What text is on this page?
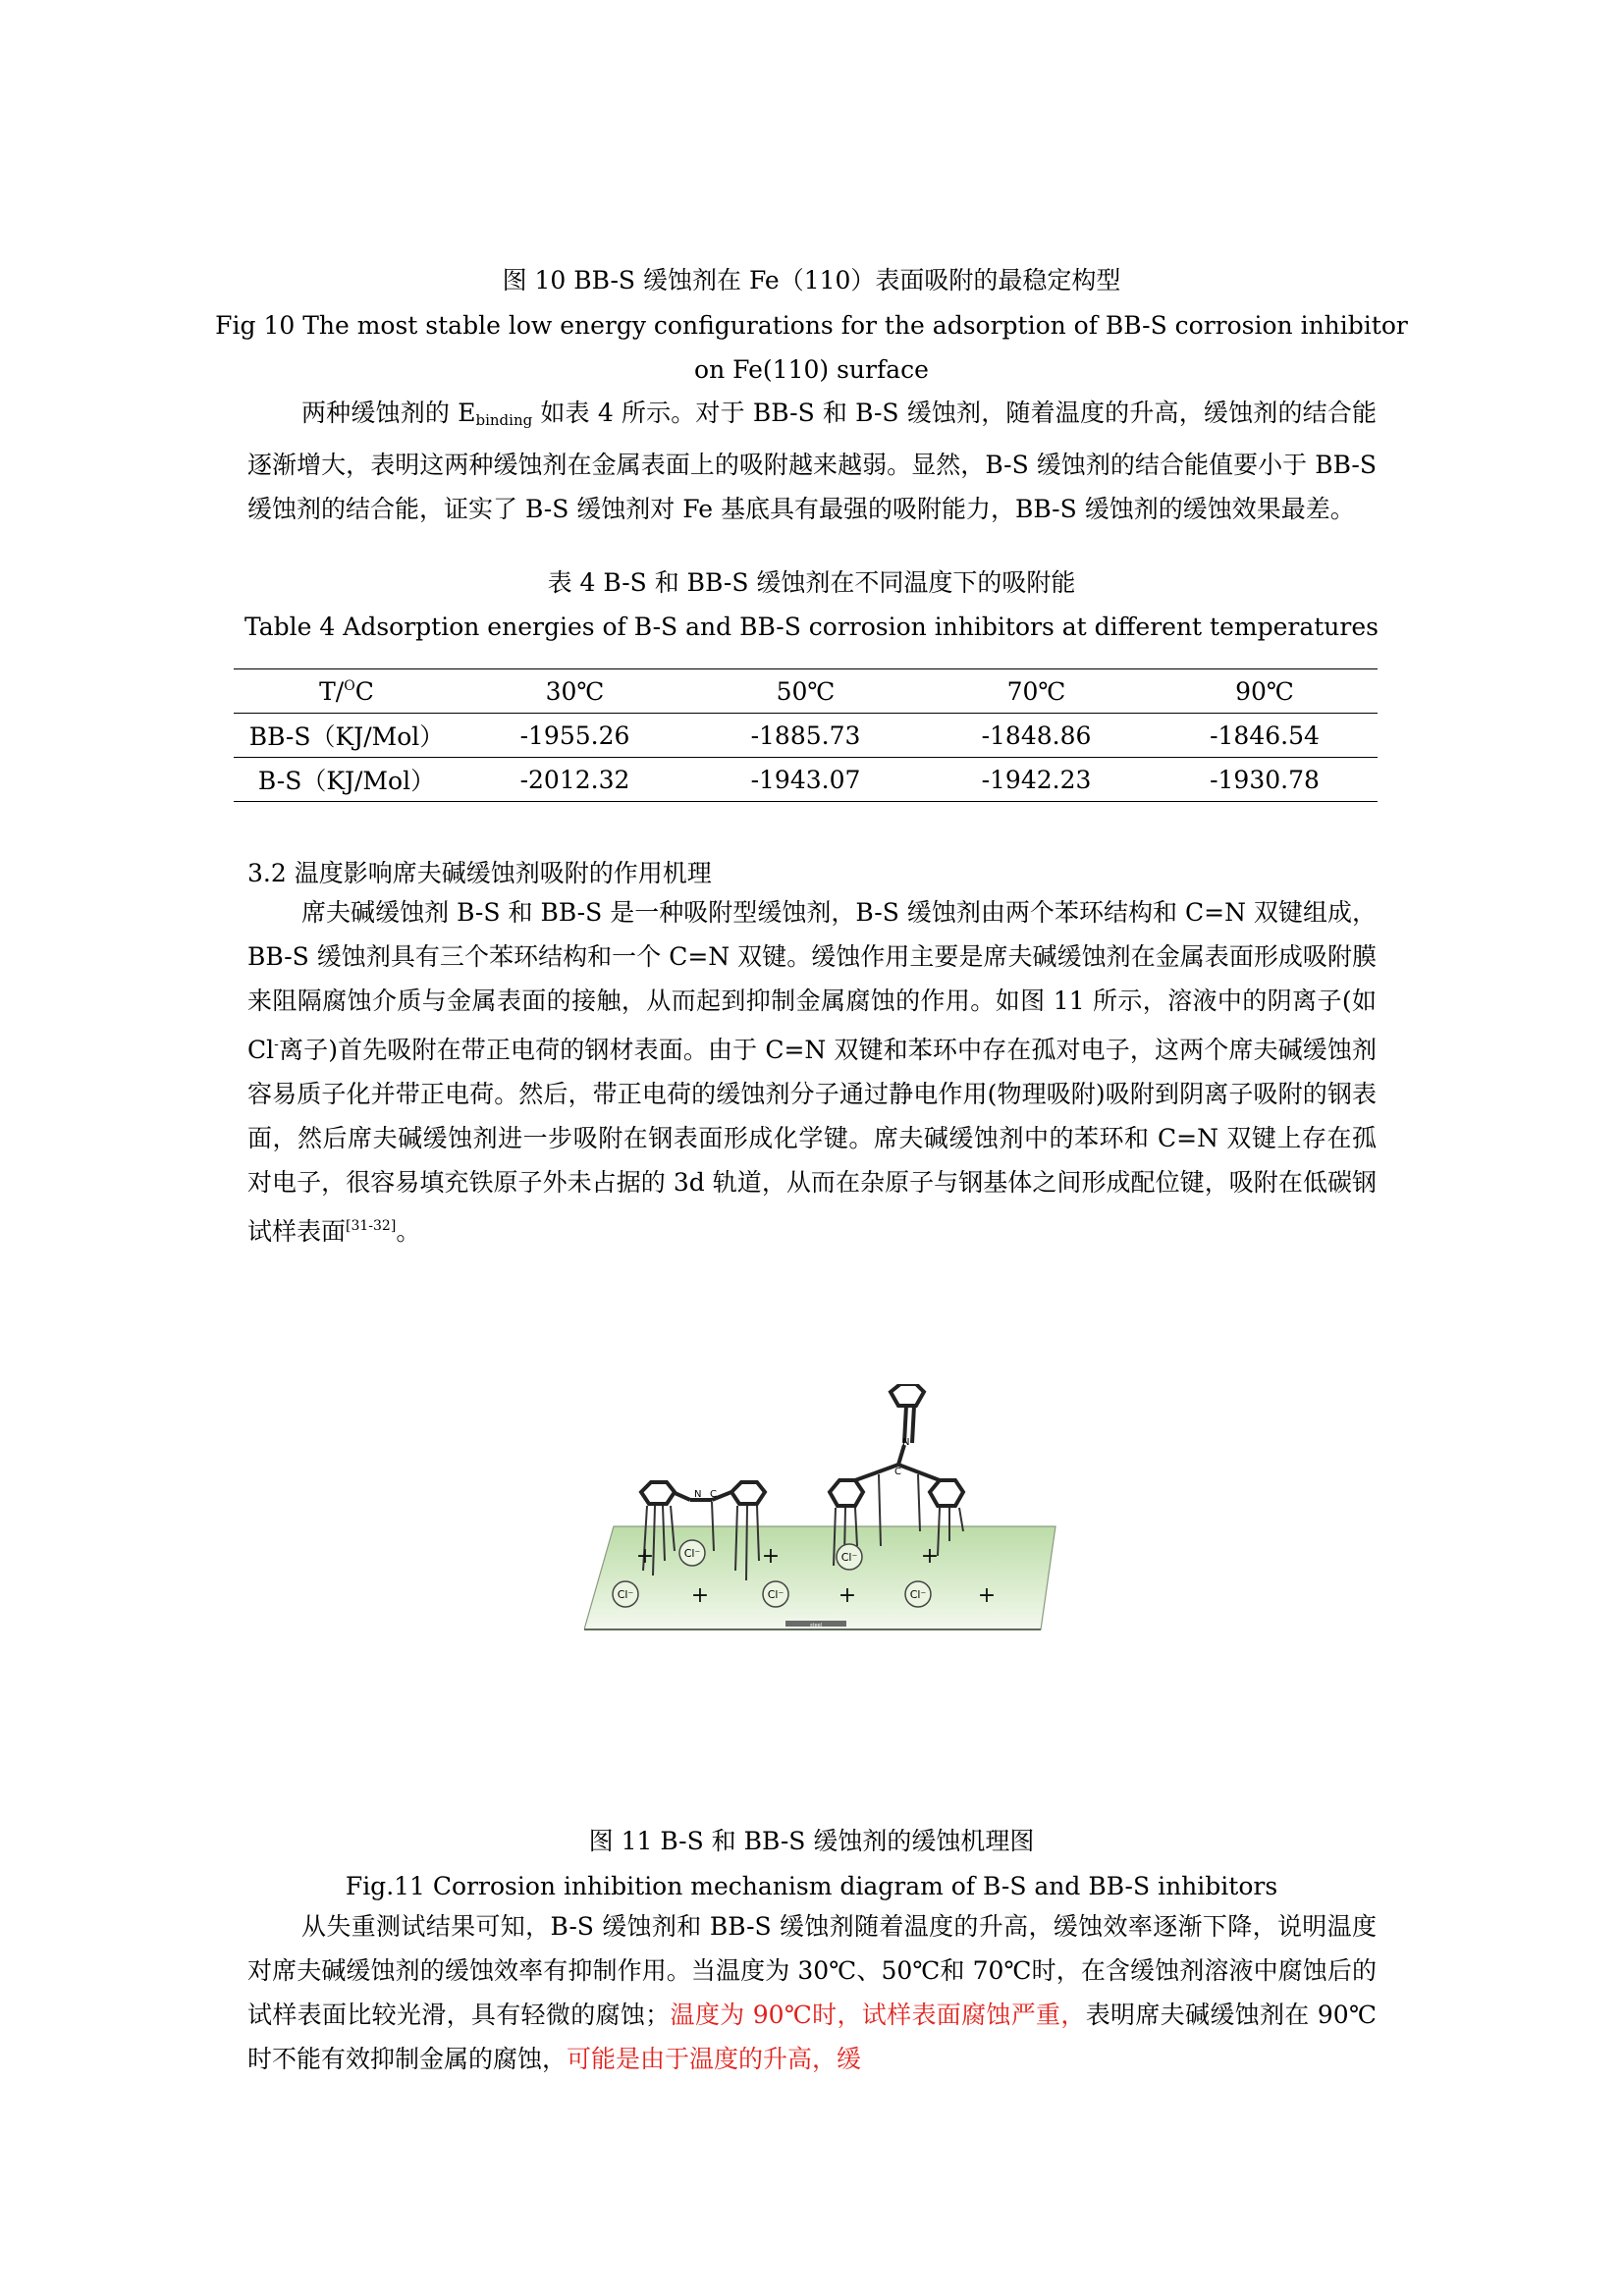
图 10 BB-S 缓蚀剂在 Fe（110）表面吸附的最稳定构型
Fig 10 The most stable low energy configurations for the adsorption of BB-S corrosion inhibitor
on Fe(110) surface
两种缓蚀剂的 $E_{binding}$ 如表 4 所示。对于 BB-S 和 B-S 缓蚀剂，随着温度的升高，缓蚀剂的结合能逐渐增大，表明这两种缓蚀剂在金属表面上的吸附越来越弱。显然，B-S 缓蚀剂的结合能值要小于 BB-S 缓蚀剂的结合能，证实了 B-S 缓蚀剂对 Fe 基底具有最强的吸附能力，BB-S 缓蚀剂的缓蚀效果最差。
表 4 B-S 和 BB-S 缓蚀剂在不同温度下的吸附能
Table 4 Adsorption energies of B-S and BB-S corrosion inhibitors at different temperatures
T/$^O$C	30℃	50℃	70℃	90℃
BB-S（KJ/Mol）	-1955.26	-1885.73	-1848.86	-1846.54
B-S（KJ/Mol）	-2012.32	-1943.07	-1942.23	-1930.78
3.2 温度影响席夫碱缓蚀剂吸附的作用机理
席夫碱缓蚀剂 B-S 和 BB-S 是一种吸附型缓蚀剂，B-S 缓蚀剂由两个苯环结构和 C=N 双键组成，BB-S 缓蚀剂具有三个苯环结构和一个 C=N 双键。缓蚀作用主要是席夫碱缓蚀剂在金属表面形成吸附膜来阻隔腐蚀介质与金属表面的接触，从而起到抑制金属腐蚀的作用。如图 11 所示，溶液中的阴离子(如 Cl-离子)首先吸附在带正电荷的钢材表面。由于 C=N 双键和苯环中存在孤对电子，这两个席夫碱缓蚀剂容易质子化并带正电荷。然后，带正电荷的缓蚀剂分子通过静电作用(物理吸附)吸附到阴离子吸附的钢表面，然后席夫碱缓蚀剂进一步吸附在钢表面形成化学键。席夫碱缓蚀剂中的苯环和 C=N 双键上存在孤对电子，很容易填充铁原子外未占据的 3d 轨道，从而在杂原子与钢基体之间形成配位键，吸附在低碳钢试样表面[31-32]。
steel
N C
N
C
Cl⁻	Cl⁻
Cl⁻	Cl⁻	Cl⁻
+	+	+
+	+	+
图 11 B-S 和 BB-S 缓蚀剂的缓蚀机理图
Fig.11 Corrosion inhibition mechanism diagram of B-S and BB-S inhibitors
从失重测试结果可知，B-S 缓蚀剂和 BB-S 缓蚀剂随着温度的升高，缓蚀效率逐渐下降，说明温度对席夫碱缓蚀剂的缓蚀效率有抑制作用。当温度为 30℃、50℃和 70℃时，在含缓蚀剂溶液中腐蚀后的试样表面比较光滑，具有轻微的腐蚀；温度为 90℃时，试样表面腐蚀严重，表明席夫碱缓蚀剂在 90℃时不能有效抑制金属的腐蚀，可能是由于温度的升高，缓
